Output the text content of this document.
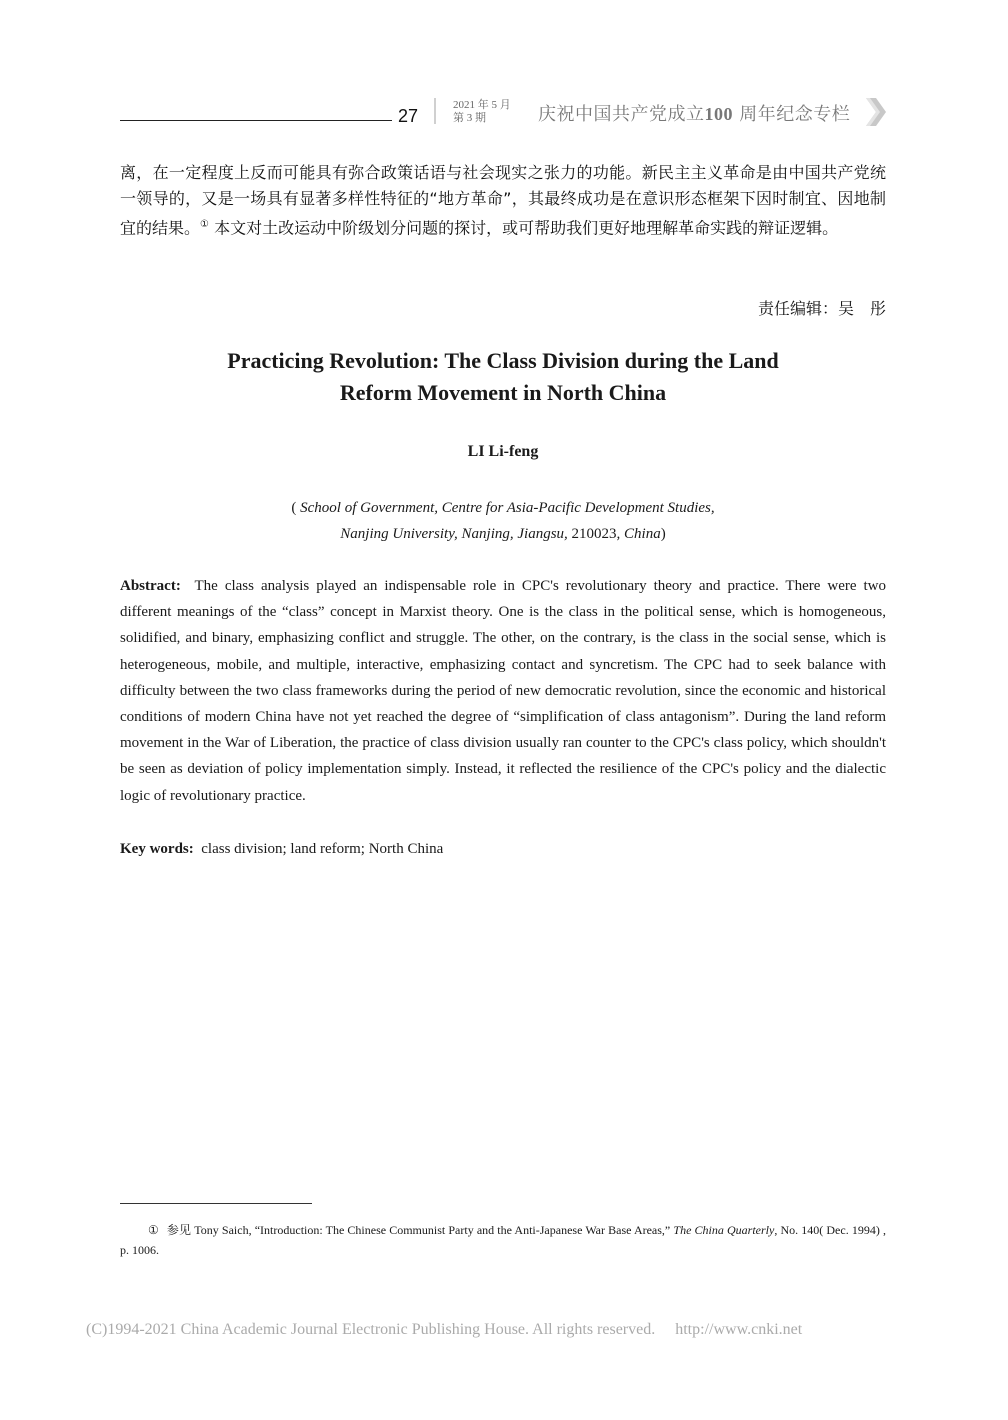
27
2021 年 5 月
第 3 期	庆祝中国共产党成立100 周年纪念专栏
离，在一定程度上反而可能具有弥合政策话语与社会现实之张力的功能。新民主主义革命是由中国共产党统一领导的，又是一场具有显著多样性特征的“地方革命”，其最终成功是在意识形态框架下因时制宜、因地制宜的结果。① 本文对土改运动中阶级划分问题的探讨，或可帮助我们更好地理解革命实践的辩证逻辑。
责任编辑：吴　彤
Practicing Revolution: The Class Division during the Land
Reform Movement in North China
LI Li-feng
( School of Government, Centre for Asia-Pacific Development Studies,
Nanjing University, Nanjing, Jiangsu, 210023, China)
Abstract: The class analysis played an indispensable role in CPC's revolutionary theory and practice. There were two different meanings of the “class” concept in Marxist theory. One is the class in the political sense, which is homogeneous, solidified, and binary, emphasizing conflict and struggle. The other, on the contrary, is the class in the social sense, which is heterogeneous, mobile, and multiple, interactive, emphasizing contact and syncretism. The CPC had to seek balance with difficulty between the two class frameworks during the period of new democratic revolution, since the economic and historical conditions of modern China have not yet reached the degree of “simplification of class antagonism”. During the land reform movement in the War of Liberation, the practice of class division usually ran counter to the CPC's class policy, which shouldn't be seen as deviation of policy implementation simply. Instead, it reflected the resilience of the CPC's policy and the dialectic logic of revolutionary practice.
Key words: class division; land reform; North China
① 参见 Tony Saich, “Introduction: The Chinese Communist Party and the Anti-Japanese War Base Areas,” The China Quarterly, No. 140( Dec. 1994) , p. 1006.
(C)1994-2021 China Academic Journal Electronic Publishing House. All rights reserved. http://www.cnki.net
